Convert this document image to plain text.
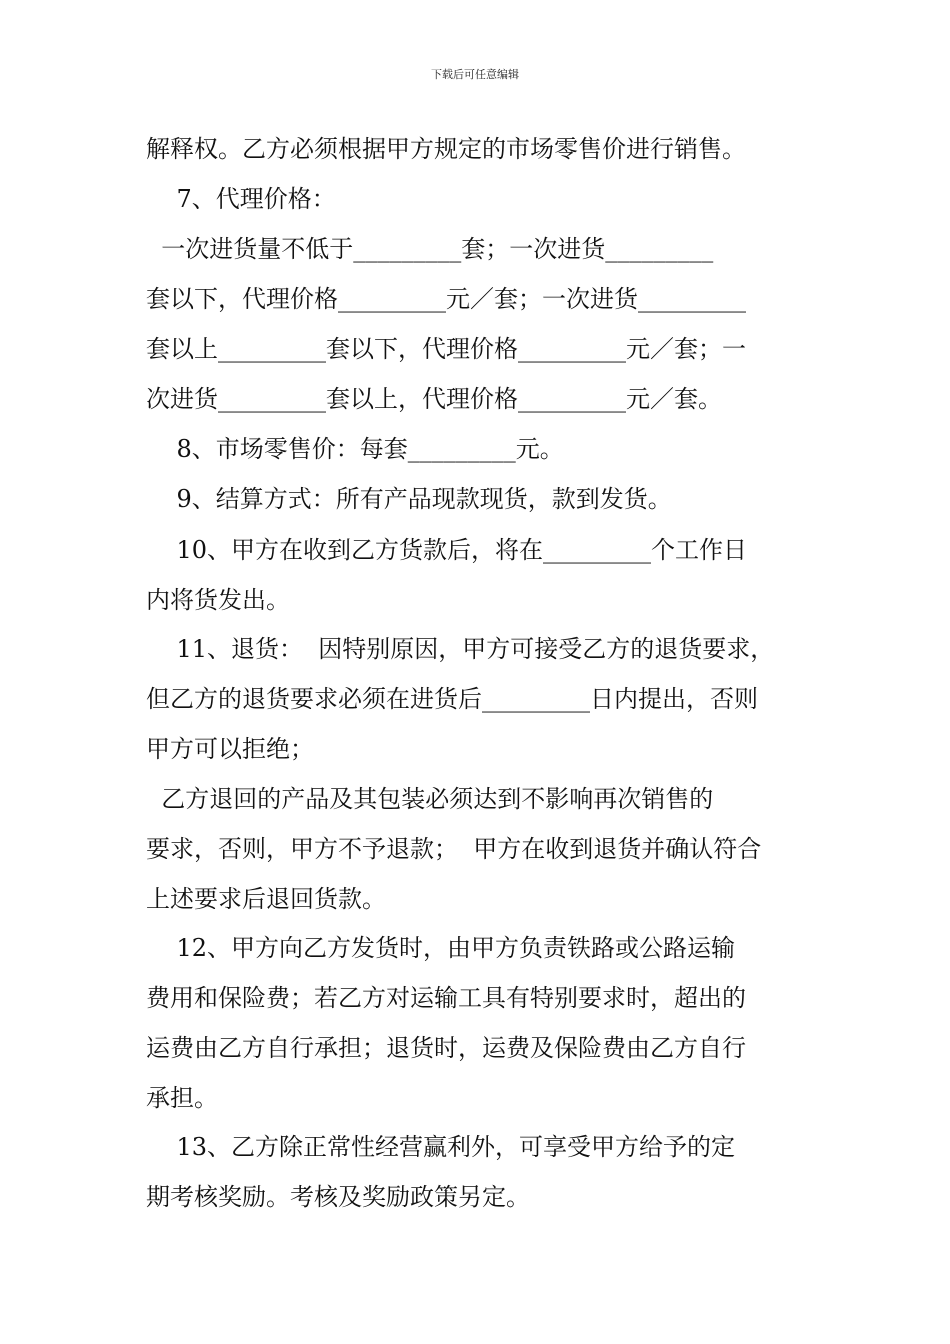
下载后可任意编辑

解释权。乙方必须根据甲方规定的市场零售价进行销售。

7、代理价格：

一次进货量不低于_________套；一次进货_________

套以下，代理价格_________元／套；一次进货_________

套以上_________套以下，代理价格_________元／套；一

次进货_________套以上，代理价格_________元／套。

8、市场零售价：每套_________元。

9、结算方式：所有产品现款现货，款到发货。

10、甲方在收到乙方货款后，将在_________个工作日

内将货发出。

11、退货：  因特别原因，甲方可接受乙方的退货要求，

但乙方的退货要求必须在进货后_________日内提出，否则

甲方可以拒绝；

乙方退回的产品及其包装必须达到不影响再次销售的

要求，否则，甲方不予退款；  甲方在收到退货并确认符合

上述要求后退回货款。

12、甲方向乙方发货时，由甲方负责铁路或公路运输

费用和保险费；若乙方对运输工具有特别要求时，超出的

运费由乙方自行承担；退货时，运费及保险费由乙方自行

承担。

13、乙方除正常性经营赢利外，可享受甲方给予的定

期考核奖励。考核及奖励政策另定。
